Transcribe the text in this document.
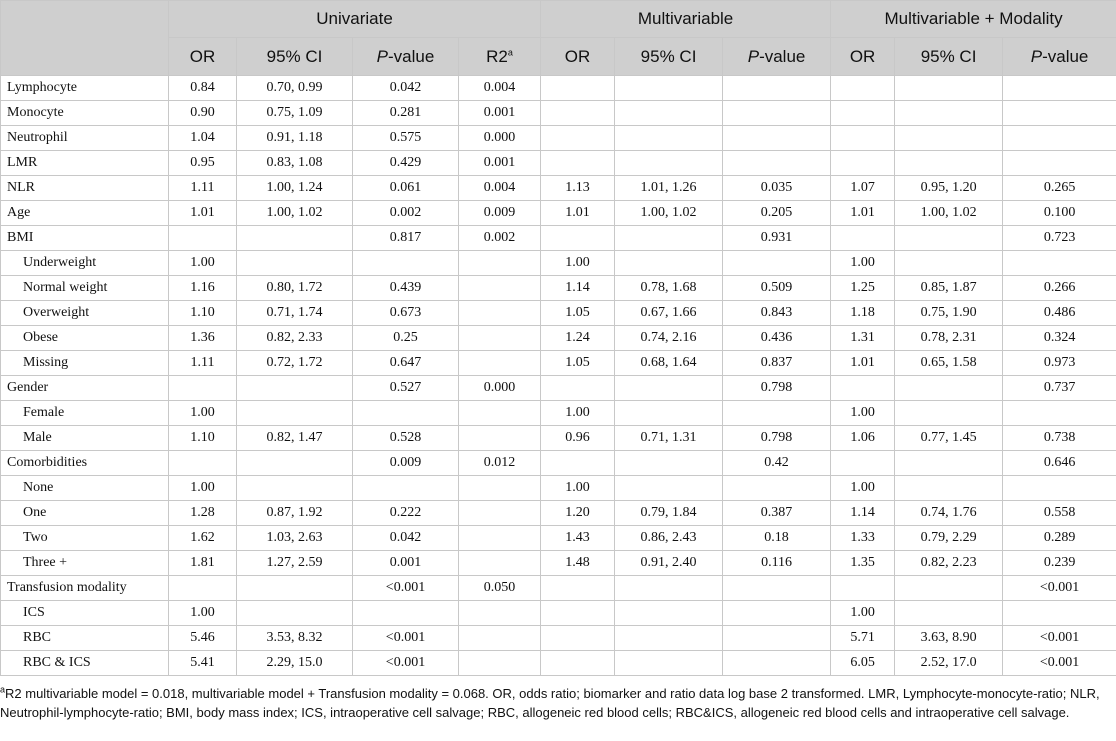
	Univariate				Multivariable			Multivariable + Modality		
	OR	95% CI	P-value	R2$^a$	OR	95% CI	P-value	OR	95% CI	P-value
Lymphocyte	0.84	0.70, 0.99	0.042	0.004						
Monocyte	0.90	0.75, 1.09	0.281	0.001						
Neutrophil	1.04	0.91, 1.18	0.575	0.000						
LMR	0.95	0.83, 1.08	0.429	0.001						
NLR	1.11	1.00, 1.24	0.061	0.004	1.13	1.01, 1.26	0.035	1.07	0.95, 1.20	0.265
Age	1.01	1.00, 1.02	0.002	0.009	1.01	1.00, 1.02	0.205	1.01	1.00, 1.02	0.100
BMI			0.817	0.002			0.931			0.723
Underweight	1.00				1.00			1.00		
Normal weight	1.16	0.80, 1.72	0.439		1.14	0.78, 1.68	0.509	1.25	0.85, 1.87	0.266
Overweight	1.10	0.71, 1.74	0.673		1.05	0.67, 1.66	0.843	1.18	0.75, 1.90	0.486
Obese	1.36	0.82, 2.33	0.25		1.24	0.74, 2.16	0.436	1.31	0.78, 2.31	0.324
Missing	1.11	0.72, 1.72	0.647		1.05	0.68, 1.64	0.837	1.01	0.65, 1.58	0.973
Gender			0.527	0.000			0.798			0.737
Female	1.00				1.00			1.00		
Male	1.10	0.82, 1.47	0.528		0.96	0.71, 1.31	0.798	1.06	0.77, 1.45	0.738
Comorbidities			0.009	0.012			0.42			0.646
None	1.00				1.00			1.00		
One	1.28	0.87, 1.92	0.222		1.20	0.79, 1.84	0.387	1.14	0.74, 1.76	0.558
Two	1.62	1.03, 2.63	0.042		1.43	0.86, 2.43	0.18	1.33	0.79, 2.29	0.289
Three +	1.81	1.27, 2.59	0.001		1.48	0.91, 2.40	0.116	1.35	0.82, 2.23	0.239
Transfusion modality			<0.001	0.050						<0.001
ICS	1.00							1.00		
RBC	5.46	3.53, 8.32	<0.001					5.71	3.63, 8.90	<0.001
RBC & ICS	5.41	2.29, 15.0	<0.001					6.05	2.52, 17.0	<0.001
$^a$R2 multivariable model = 0.018, multivariable model + Transfusion modality = 0.068. OR, odds ratio; biomarker and ratio data log base 2 transformed. LMR, Lymphocyte-monocyte-ratio; NLR, Neutrophil-lymphocyte-ratio; BMI, body mass index; ICS, intraoperative cell salvage; RBC, allogeneic red blood cells; RBC&ICS, allogeneic red blood cells and intraoperative cell salvage.
